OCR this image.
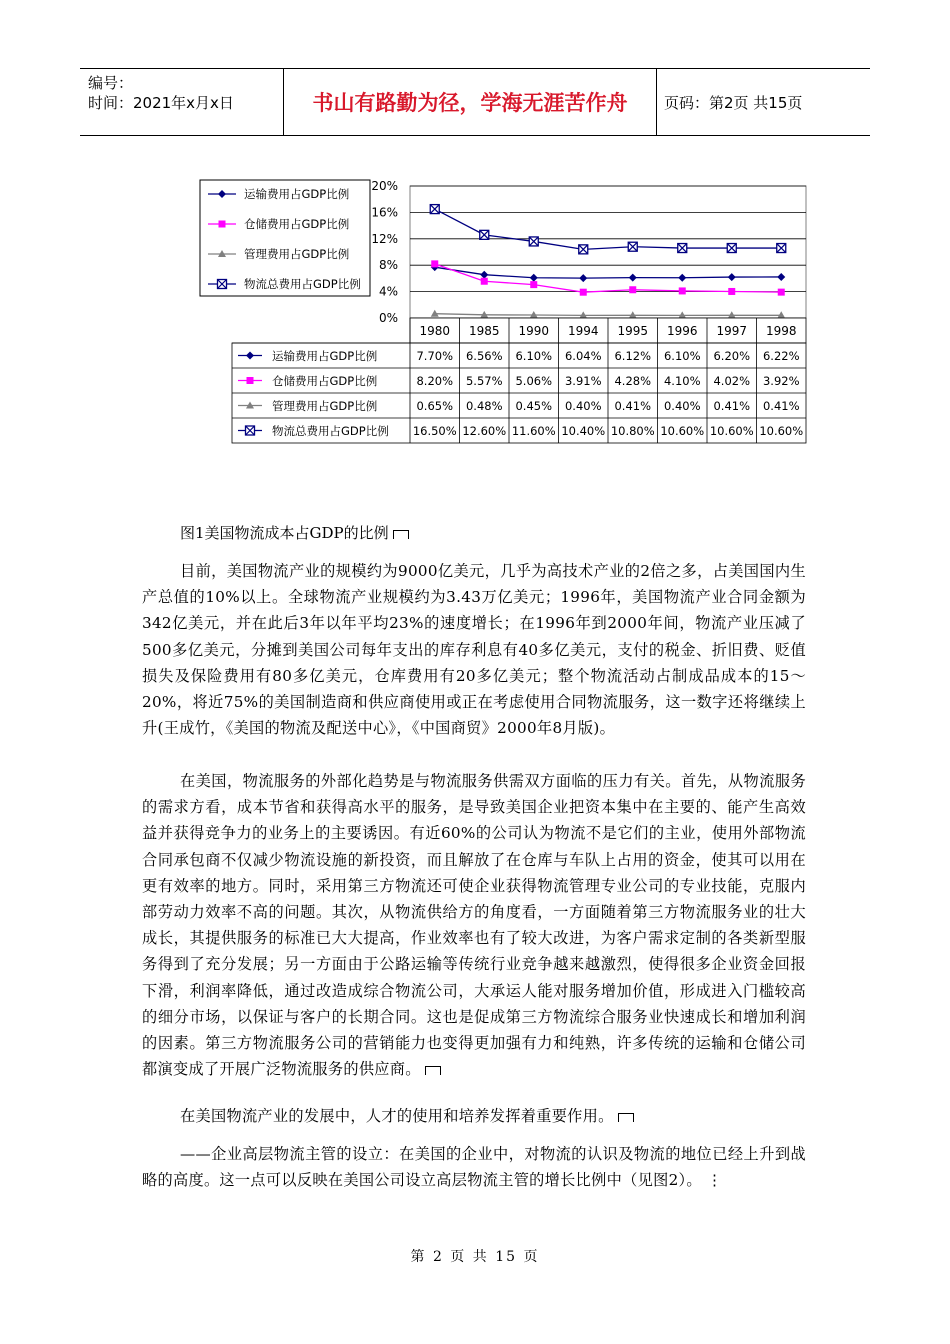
编号：
时间：2021年x月x日	书山有路勤为径，学海无涯苦作舟	页码：第2页 共15页
20%
16%
12%
8%
4%
0%
运输费用占GDP比例
仓储费用占GDP比例
管理费用占GDP比例
物流总费用占GDP比例
1980 1985 1990 1994 1995 1996 1997 1998
运输费用占GDP比例	7.70% 6.56% 6.10% 6.04% 6.12% 6.10% 6.20% 6.22%
仓储费用占GDP比例	8.20% 5.57% 5.06% 3.91% 4.28% 4.10% 4.02% 3.92%
管理费用占GDP比例	0.65% 0.48% 0.45% 0.40% 0.41% 0.40% 0.41% 0.41%
物流总费用占GDP比例 16.50% 12.60% 11.60% 10.40% 10.80% 10.60% 10.60% 10.60%
图1美国物流成本占GDP的比例

目前，美国物流产业的规模约为9000亿美元，几乎为高技术产业的2倍之多，占美国国内生产总值的10%以上。全球物流产业规模约为3.43万亿美元；1996年，美国物流产业合同金额为342亿美元，并在此后3年以年平均23%的速度增长；在1996年到2000年间，物流产业压减了500多亿美元，分摊到美国公司每年支出的库存利息有40多亿美元，支付的税金、折旧费、贬值损失及保险费用有80多亿美元，仓库费用有20多亿美元；整个物流活动占制成品成本的15～20%，将近75%的美国制造商和供应商使用或正在考虑使用合同物流服务，这一数字还将继续上升(王成竹，《美国的物流及配送中心》，《中国商贸》2000年8月版)。

在美国，物流服务的外部化趋势是与物流服务供需双方面临的压力有关。首先，从物流服务的需求方看，成本节省和获得高水平的服务，是导致美国企业把资本集中在主要的、能产生高效益并获得竞争力的业务上的主要诱因。有近60%的公司认为物流不是它们的主业，使用外部物流合同承包商不仅减少物流设施的新投资，而且解放了在仓库与车队上占用的资金，使其可以用在更有效率的地方。同时，采用第三方物流还可使企业获得物流管理专业公司的专业技能，克服内部劳动力效率不高的问题。其次，从物流供给方的角度看，一方面随着第三方物流服务业的壮大成长，其提供服务的标准已大大提高，作业效率也有了较大改进，为客户需求定制的各类新型服务得到了充分发展；另一方面由于公路运输等传统行业竞争越来越激烈，使得很多企业资金回报下滑，利润率降低，通过改造成综合物流公司，大承运人能对服务增加价值，形成进入门槛较高的细分市场，以保证与客户的长期合同。这也是促成第三方物流综合服务业快速成长和增加利润的因素。第三方物流服务公司的营销能力也变得更加强有力和纯熟，许多传统的运输和仓储公司都演变成了开展广泛物流服务的供应商。

在美国物流产业的发展中，人才的使用和培养发挥着重要作用。

——企业高层物流主管的设立：在美国的企业中，对物流的认识及物流的地位已经上升到战略的高度。这一点可以反映在美国公司设立高层物流主管的增长比例中（见图2）。 ⋮

第 2 页 共 15 页
